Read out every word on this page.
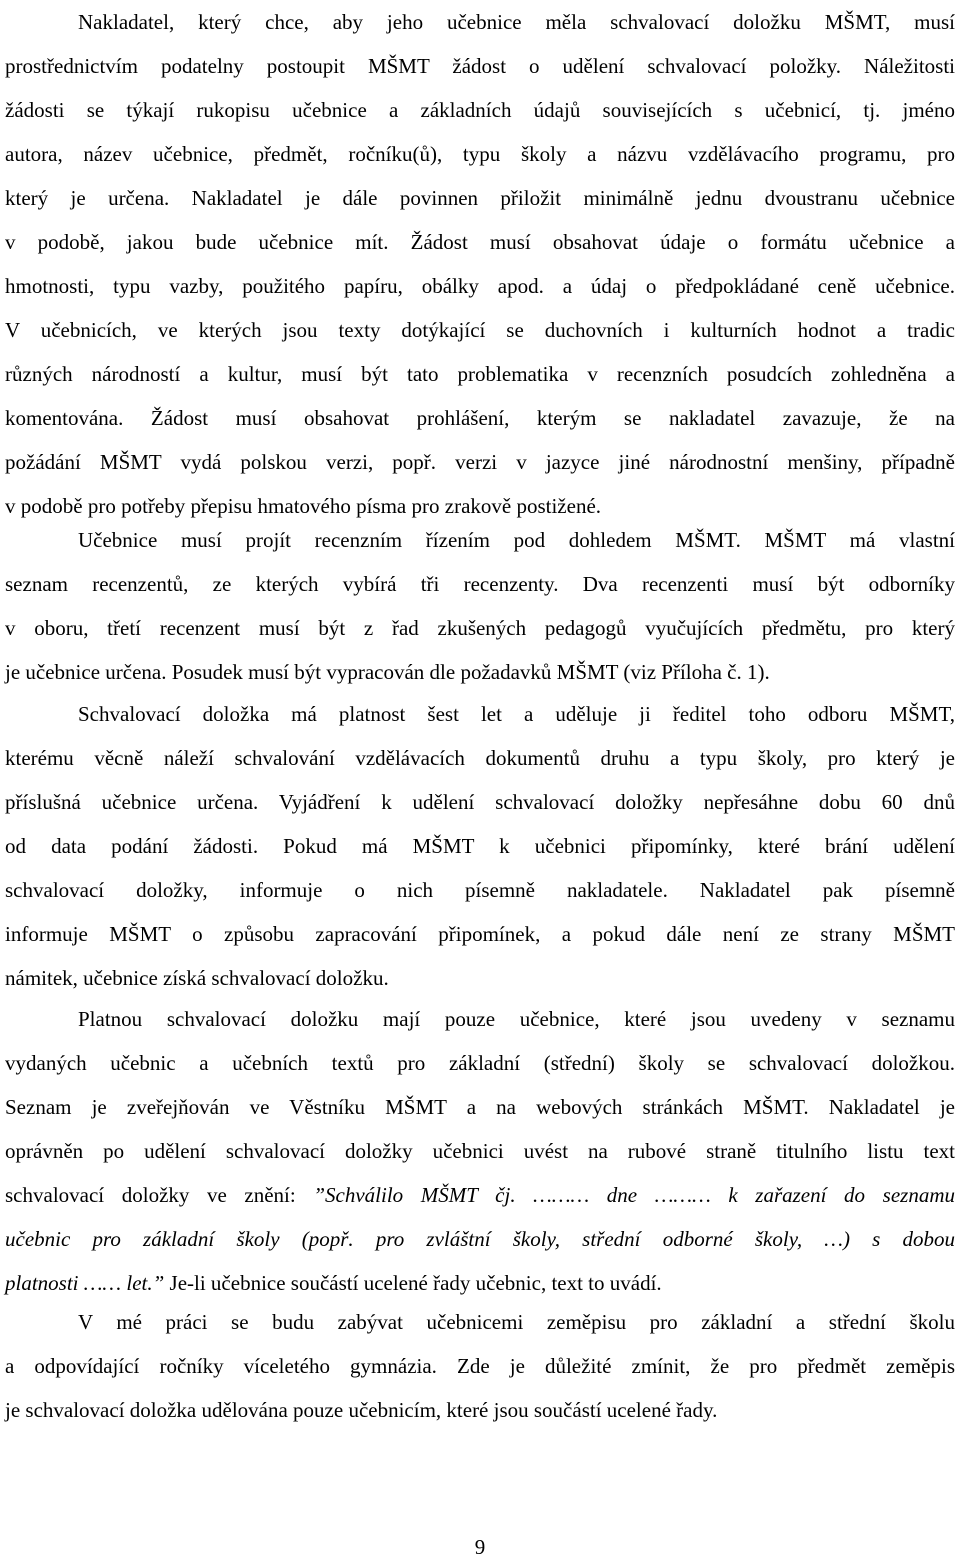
Nakladatel, který chce, aby jeho učebnice měla schvalovací doložku MŠMT, musí
prostřednictvím podatelny postoupit MŠMT žádost o udělení schvalovací položky. Náležitosti
žádosti se týkají rukopisu učebnice a základních údajů souvisejících s učebnicí, tj. jméno
autora, název učebnice, předmět, ročníku(ů), typu školy a názvu vzdělávacího programu, pro
který je určena. Nakladatel je dále povinnen přiložit minimálně jednu dvoustranu učebnice
v podobě, jakou bude učebnice mít. Žádost musí obsahovat údaje o formátu učebnice a
hmotnosti, typu vazby, použitého papíru, obálky apod. a údaj o předpokládané ceně učebnice.
V učebnicích, ve kterých jsou texty dotýkající se duchovních i kulturních hodnot a tradic
různých národností a kultur, musí být tato problematika v recenzních posudcích zohledněna a
komentována. Žádost musí obsahovat prohlášení, kterým se nakladatel zavazuje, že na
požádání MŠMT vydá polskou verzi, popř. verzi v jazyce jiné národnostní menšiny, případně
v podobě pro potřeby přepisu hmatového písma pro zrakově postižené.
Učebnice musí projít recenzním řízením pod dohledem MŠMT. MŠMT má vlastní
seznam recenzentů, ze kterých vybírá tři recenzenty. Dva recenzenti musí být odborníky
v oboru, třetí recenzent musí být z řad zkušených pedagogů vyučujících předmětu, pro který
je učebnice určena. Posudek musí být vypracován dle požadavků MŠMT (viz Příloha č. 1).
Schvalovací doložka má platnost šest let a uděluje ji ředitel toho odboru MŠMT,
kterému věcně náleží schvalování vzdělávacích dokumentů druhu a typu školy, pro který je
příslušná učebnice určena. Vyjádření k udělení schvalovací doložky nepřesáhne dobu 60 dnů
od data podání žádosti. Pokud má MŠMT k učebnici připomínky, které brání udělení
schvalovací doložky, informuje o nich písemně nakladatele. Nakladatel pak písemně
informuje MŠMT o způsobu zapracování připomínek, a pokud dále není ze strany MŠMT
námitek, učebnice získá schvalovací doložku.
Platnou schvalovací doložku mají pouze učebnice, které jsou uvedeny v seznamu
vydaných učebnic a učebních textů pro základní (střední) školy se schvalovací doložkou.
Seznam je zveřejňován ve Věstníku MŠMT a na webových stránkách MŠMT. Nakladatel je
oprávněn po udělení schvalovací doložky učebnici uvést na rubové straně titulního listu text
schvalovací doložky ve znění: ”Schválilo MŠMT čj. ……… dne ……… k zařazení do seznamu
učebnic pro základní školy (popř. pro zvláštní školy, střední odborné školy, …) s dobou
platnosti …… let.” Je-li učebnice součástí ucelené řady učebnic, text to uvádí.
V mé práci se budu zabývat učebnicemi zeměpisu pro základní a střední školu
a odpovídající ročníky víceletého gymnázia. Zde je důležité zmínit, že pro předmět zeměpis
je schvalovací doložka udělována pouze učebnicím, které jsou součástí ucelené řady.
9
